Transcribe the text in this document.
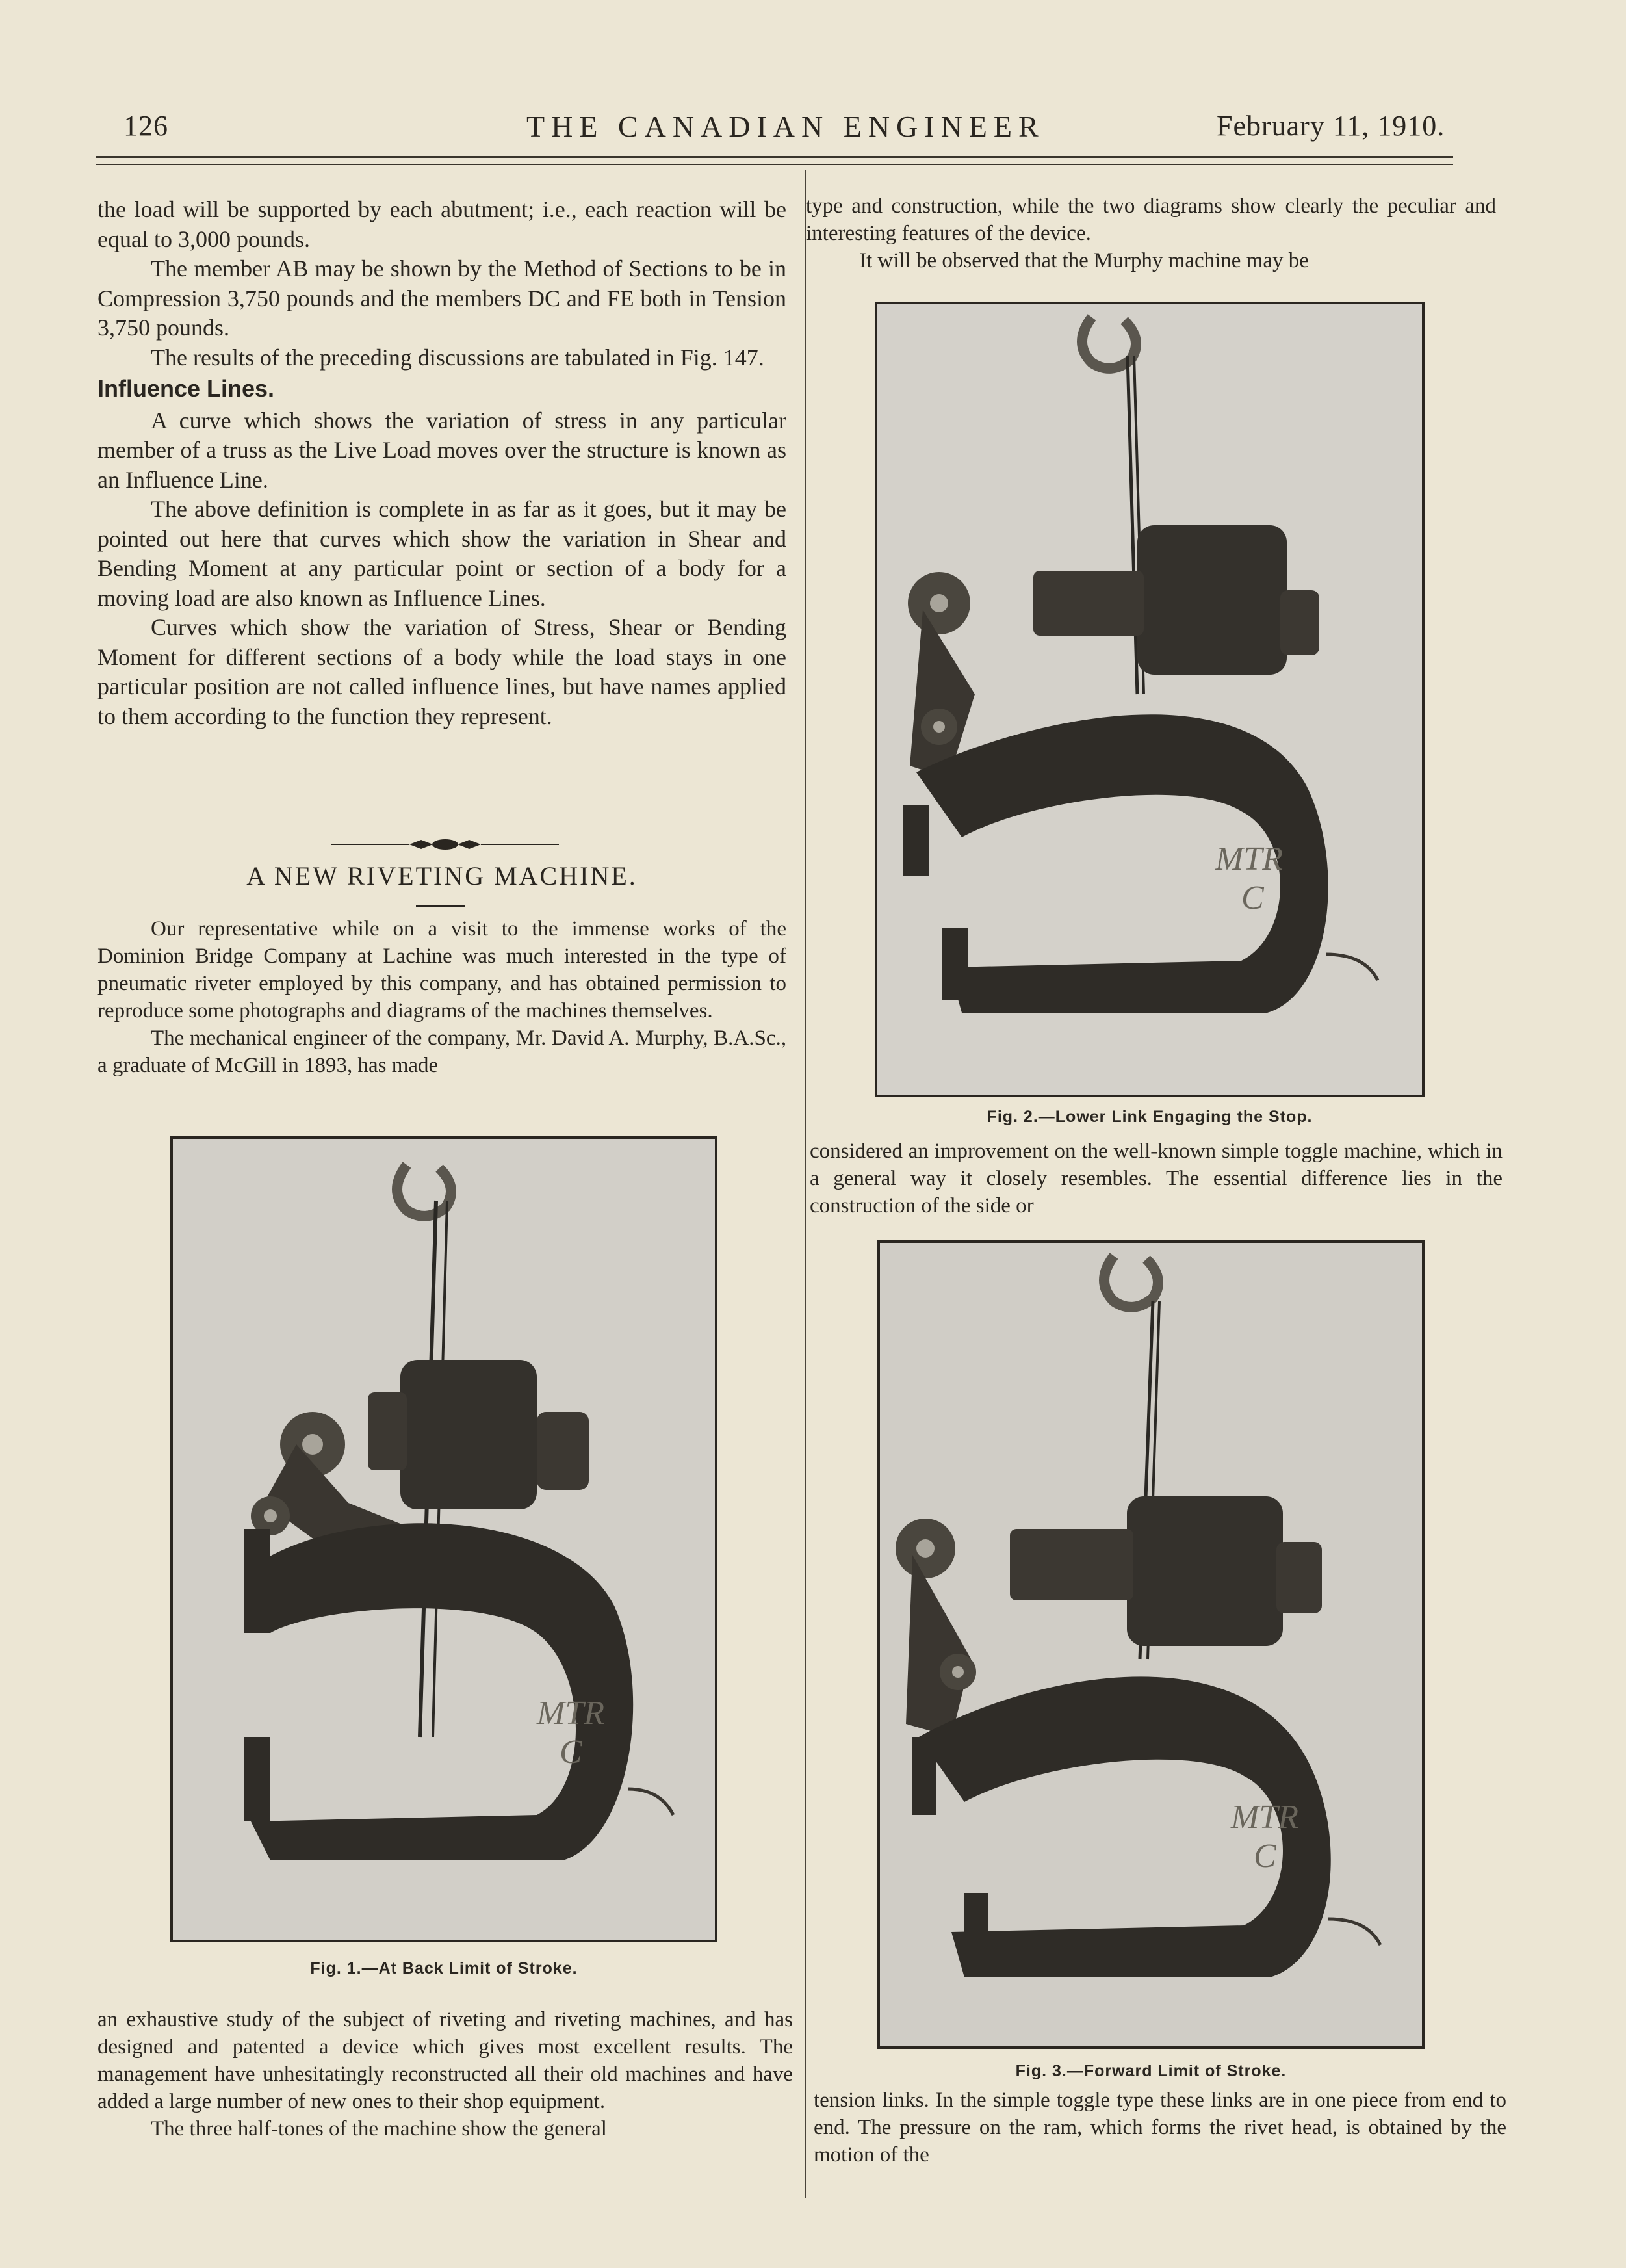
126	THE CANADIAN ENGINEER	February 11, 1910.

the load will be supported by each abutment; i.e., each reaction will be equal to 3,000 pounds.

The member AB may be shown by the Method of Sections to be in Compression 3,750 pounds and the members DC and FE both in Tension 3,750 pounds.

The results of the preceding discussions are tabulated in Fig. 147.

Influence Lines.

A curve which shows the variation of stress in any particular member of a truss as the Live Load moves over the structure is known as an Influence Line.

The above definition is complete in as far as it goes, but it may be pointed out here that curves which show the variation in Shear and Bending Moment at any particular point or section of a body for a moving load are also known as Influence Lines.

Curves which show the variation of Stress, Shear or Bending Moment for different sections of a body while the load stays in one particular position are not called influence lines, but have names applied to them according to the function they represent.

A NEW RIVETING MACHINE.

Our representative while on a visit to the immense works of the Dominion Bridge Company at Lachine was much interested in the type of pneumatic riveter employed by this company, and has obtained permission to reproduce some photographs and diagrams of the machines themselves.

The mechanical engineer of the company, Mr. David A. Murphy, B.A.Sc., a graduate of McGill in 1893, has made

MTR
C
Fig. 1.—At Back Limit of Stroke.

an exhaustive study of the subject of riveting and riveting machines, and has designed and patented a device which gives most excellent results. The management have unhesitatingly reconstructed all their old machines and have added a large number of new ones to their shop equipment.

The three half-tones of the machine show the general

type and construction, while the two diagrams show clearly the peculiar and interesting features of the device.

It will be observed that the Murphy machine may be

MTR
C
Fig. 2.—Lower Link Engaging the Stop.

considered an improvement on the well-known simple toggle machine, which in a general way it closely resembles. The essential difference lies in the construction of the side or

MTR
C
Fig. 3.—Forward Limit of Stroke.

tension links. In the simple toggle type these links are in one piece from end to end. The pressure on the ram, which forms the rivet head, is obtained by the motion of the
